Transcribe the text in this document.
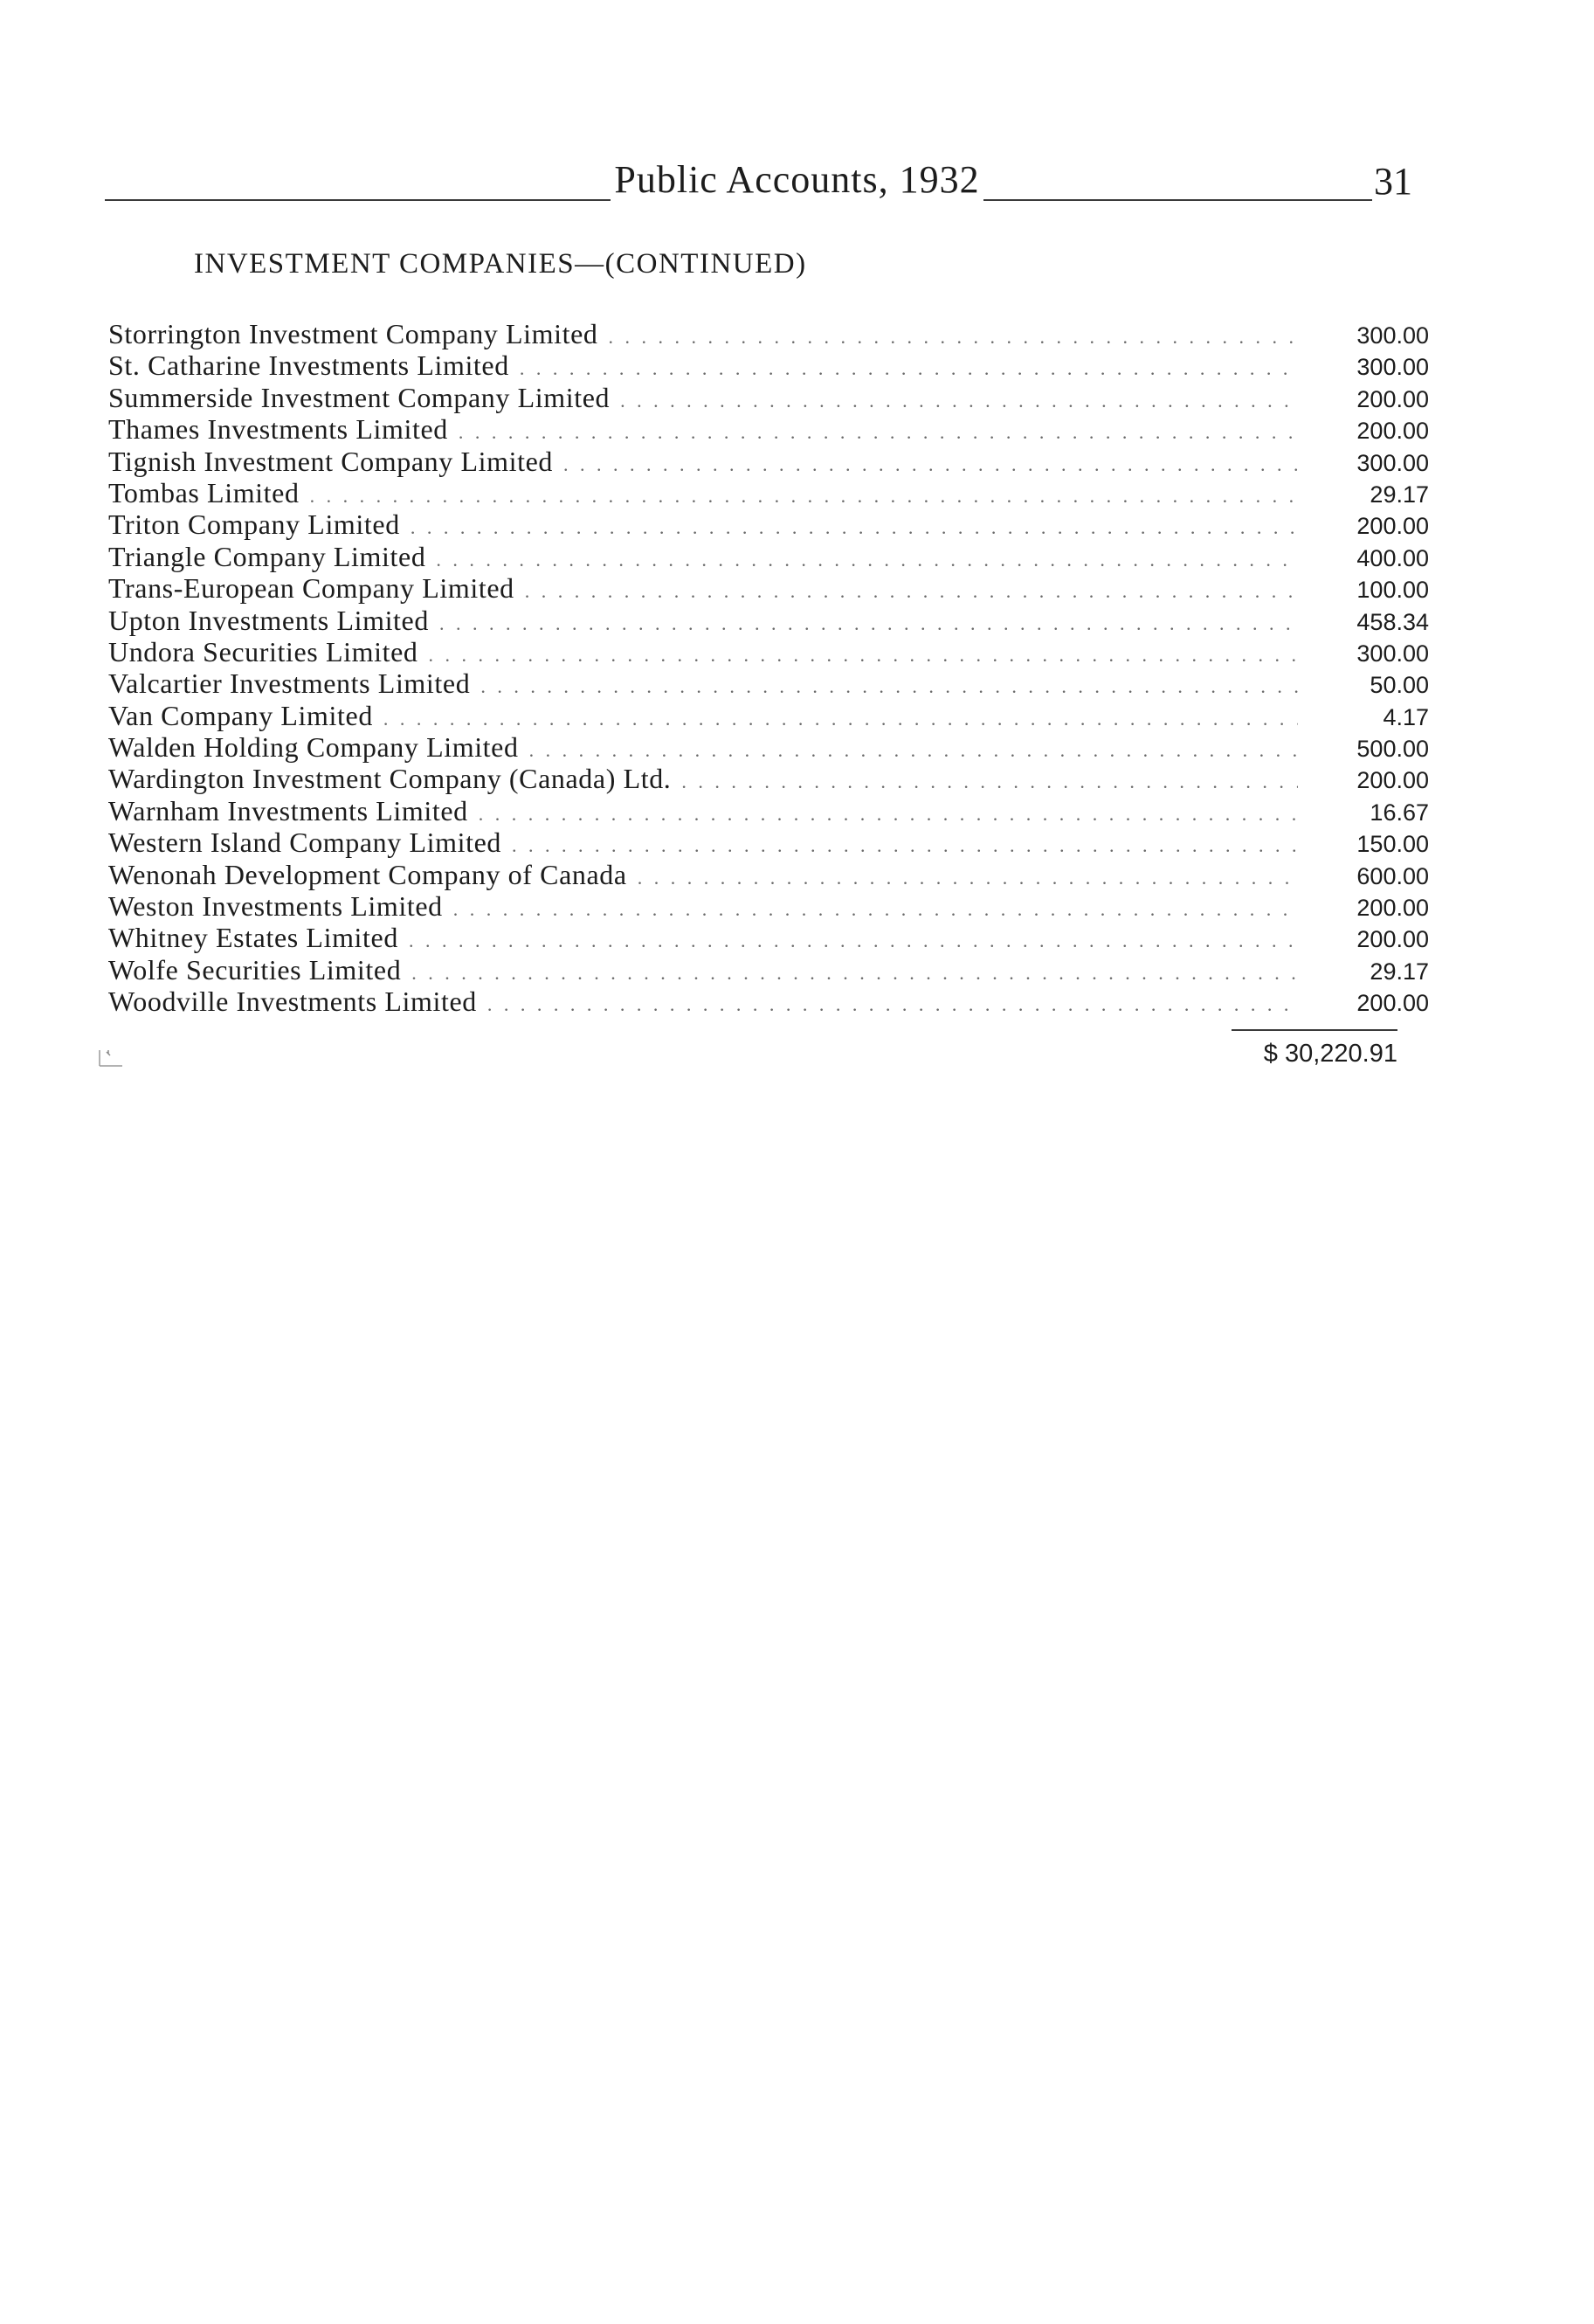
Public Accounts, 1932	31
INVESTMENT COMPANIES—(CONTINUED)
Storrington Investment Company Limited . . .	300.00
St. Catharine Investments Limited . . .	300.00
Summerside Investment Company Limited . . .	200.00
Thames Investments Limited . . .	200.00
Tignish Investment Company Limited . . .	300.00
Tombas Limited . . .	29.17
Triton Company Limited . . .	200.00
Triangle Company Limited . . .	400.00
Trans-European Company Limited . . .	100.00
Upton Investments Limited . . .	458.34
Undora Securities Limited . . .	300.00
Valcartier Investments Limited . . .	50.00
Van Company Limited . . .	4.17
Walden Holding Company Limited . . .	500.00
Wardington Investment Company (Canada) Ltd. . . .	200.00
Warnham Investments Limited . . .	16.67
Western Island Company Limited . . .	150.00
Wenonah Development Company of Canada . . .	600.00
Weston Investments Limited . . .	200.00
Whitney Estates Limited . . .	200.00
Wolfe Securities Limited . . .	29.17
Woodville Investments Limited . . .	200.00
$ 30,220.91
